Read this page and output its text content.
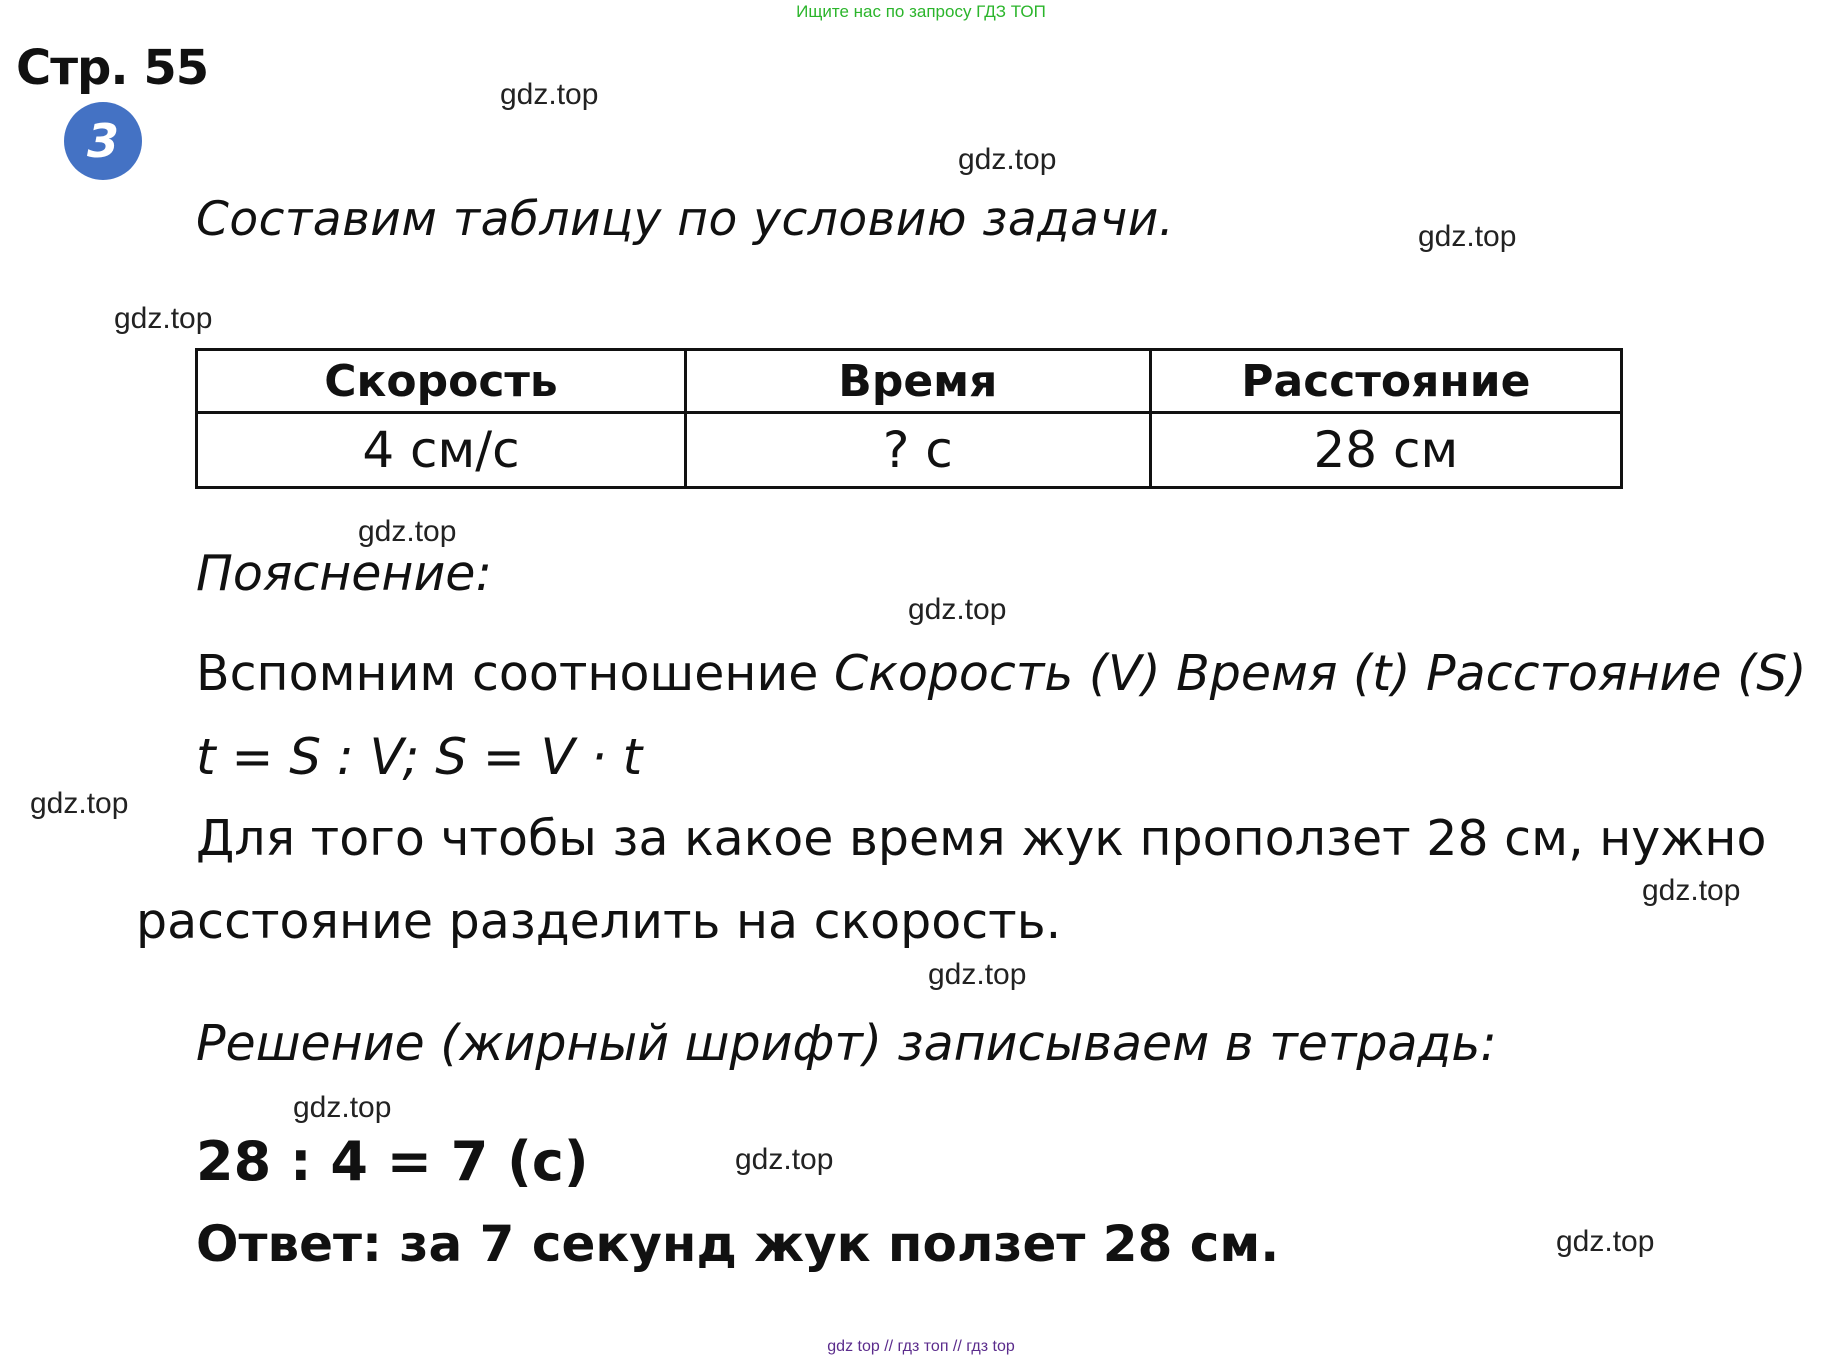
Ищите нас по запросу ГДЗ ТОП
Стр. 55
3
Составим таблицу по условию задачи.
Скорость	Время	Расстояние
4 см/с	? с	28 см
Пояснение:
Вспомним соотношение Скорость (V) Время (t) Расстояние (S)
t = S : V; S = V · t
Для того чтобы за какое время жук проползет 28 см, нужно
расстояние разделить на скорость.
Решение (жирный шрифт) записываем в тетрадь:
28 : 4 = 7 (с)
Ответ: за 7 секунд жук ползет 28 см.
gdz.top
gdz.top
gdz.top
gdz.top
gdz.top
gdz.top
gdz.top
gdz.top
gdz.top
gdz.top
gdz.top
gdz.top
gdz top // гдз топ // гдз top
